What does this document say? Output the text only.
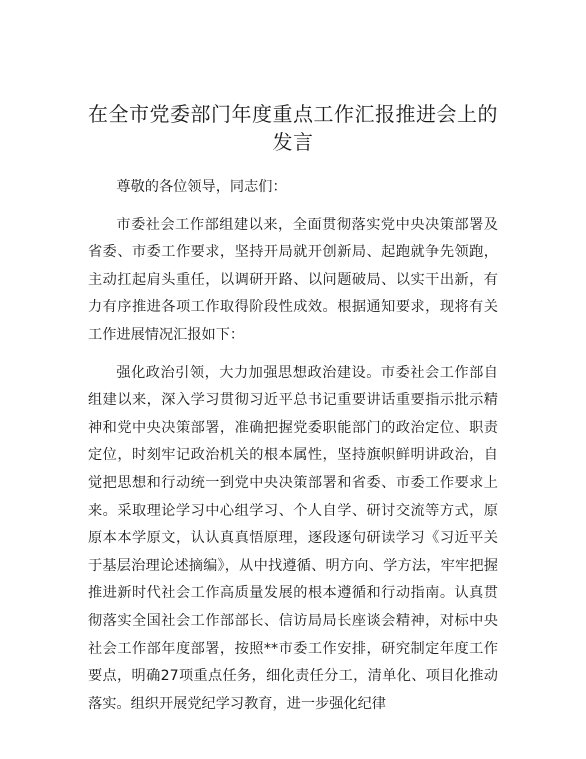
在全市党委部门年度重点工作汇报推进会上的
发言

尊敬的各位领导，同志们：

市委社会工作部组建以来，全面贯彻落实党中央决策部署及省委、市委工作要求，坚持开局就开创新局、起跑就争先领跑，主动扛起肩头重任，以调研开路、以问题破局、以实干出新，有力有序推进各项工作取得阶段性成效。根据通知要求，现将有关工作进展情况汇报如下：

强化政治引领，大力加强思想政治建设。市委社会工作部自组建以来，深入学习贯彻习近平总书记重要讲话重要指示批示精神和党中央决策部署，准确把握党委职能部门的政治定位、职责定位，时刻牢记政治机关的根本属性，坚持旗帜鲜明讲政治，自觉把思想和行动统一到党中央决策部署和省委、市委工作要求上来。采取理论学习中心组学习、个人自学、研讨交流等方式，原原本本学原文，认认真真悟原理，逐段逐句研读学习《习近平关于基层治理论述摘编》，从中找遵循、明方向、学方法，牢牢把握推进新时代社会工作高质量发展的根本遵循和行动指南。认真贯彻落实全国社会工作部部长、信访局局长座谈会精神，对标中央社会工作部年度部署，按照**市委工作安排，研究制定年度工作要点，明确27项重点任务，细化责任分工，清单化、项目化推动落实。组织开展党纪学习教育，进一步强化纪律
